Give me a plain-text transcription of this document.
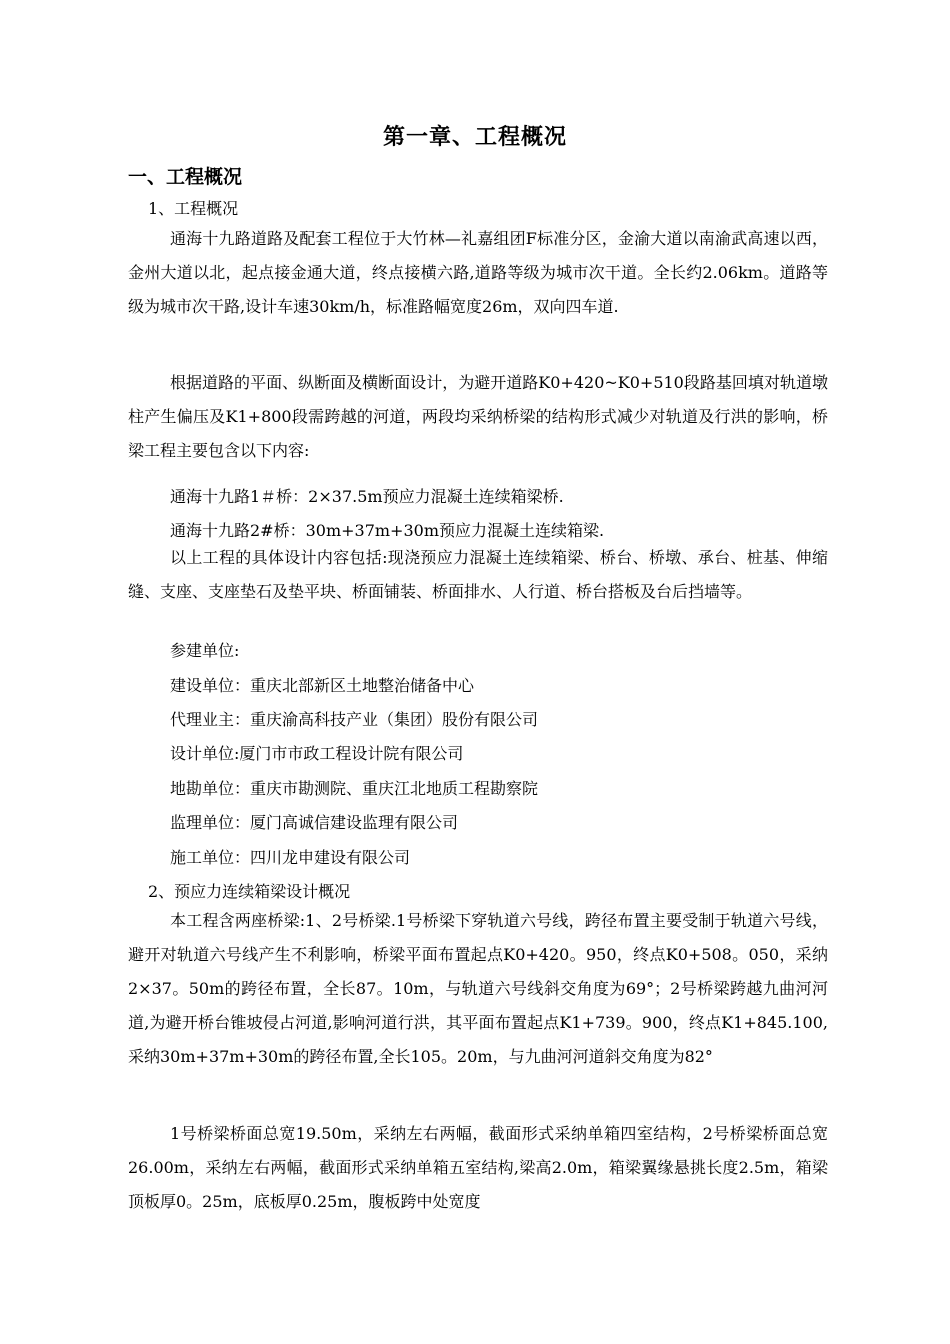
第一章、工程概况
一、工程概况
1、工程概况
通海十九路道路及配套工程位于大竹林—礼嘉组团F标准分区，金渝大道以南渝武高速以西，金州大道以北，起点接金通大道，终点接横六路,道路等级为城市次干道。全长约2.06km。道路等级为城市次干路,设计车速30km/h，标准路幅宽度26m，双向四车道.
根据道路的平面、纵断面及横断面设计，为避开道路K0+420~K0+510段路基回填对轨道墩柱产生偏压及K1+800段需跨越的河道，两段均采纳桥梁的结构形式减少对轨道及行洪的影响，桥梁工程主要包含以下内容:
通海十九路1＃桥：2×37.5m预应力混凝土连续箱梁桥.
通海十九路2#桥：30m+37m+30m预应力混凝土连续箱梁.
以上工程的具体设计内容包括:现浇预应力混凝土连续箱梁、桥台、桥墩、承台、桩基、伸缩缝、支座、支座垫石及垫平块、桥面铺装、桥面排水、人行道、桥台搭板及台后挡墙等。
参建单位:
建设单位：重庆北部新区土地整治储备中心
代理业主：重庆渝高科技产业（集团）股份有限公司
设计单位:厦门市市政工程设计院有限公司
地勘单位：重庆市勘测院、重庆江北地质工程勘察院
监理单位：厦门高诚信建设监理有限公司
施工单位：四川龙申建设有限公司
2、预应力连续箱梁设计概况
本工程含两座桥梁:1、2号桥梁.1号桥梁下穿轨道六号线，跨径布置主要受制于轨道六号线，避开对轨道六号线产生不利影响，桥梁平面布置起点K0+420。950，终点K0+508。050，采纳2×37。50m的跨径布置，全长87。10m，与轨道六号线斜交角度为69°；2号桥梁跨越九曲河河道,为避开桥台锥坡侵占河道,影响河道行洪，其平面布置起点K1+739。900，终点K1+845.100,采纳30m+37m+30m的跨径布置,全长105。20m，与九曲河河道斜交角度为82°
1号桥梁桥面总宽19.50m，采纳左右两幅，截面形式采纳单箱四室结构，2号桥梁桥面总宽26.00m，采纳左右两幅，截面形式采纳单箱五室结构,梁高2.0m，箱梁翼缘悬挑长度2.5m，箱梁顶板厚0。25m，底板厚0.25m，腹板跨中处宽度
